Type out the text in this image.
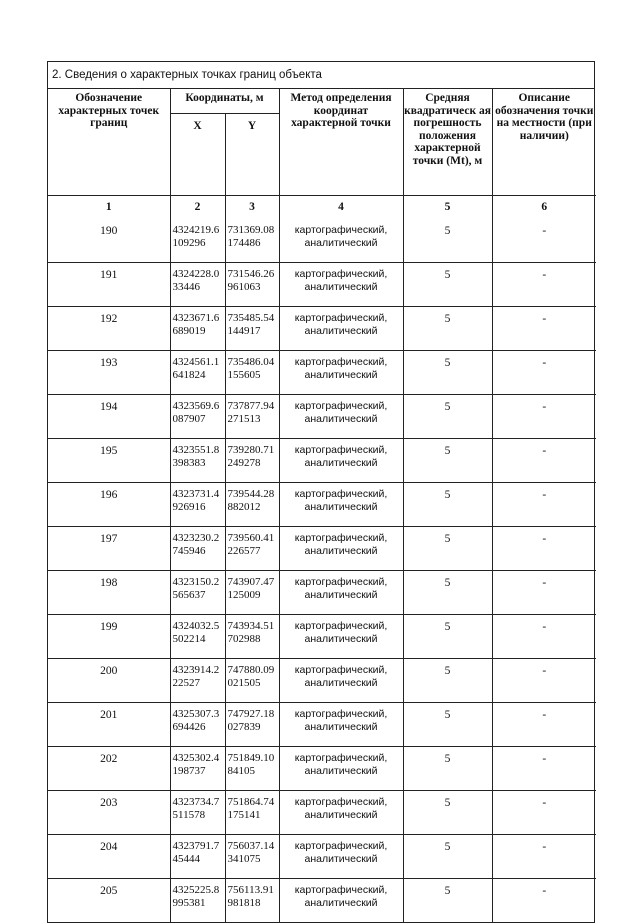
2. Сведения о характерных точках границ объекта
Обозначение характерных точек границ	Координаты, м		Метод определения координат характерной точки	Средняя квадратическ ая погрешность положения характерной точки (Mt), м	Описание обозначения точки на местности (при наличии)
	X	Y			
1	2	3	4	5	6
190	4324219.6109296	731369.08174486	картографический, аналитический	5	-
191	4324228.033446	731546.26961063	картографический, аналитический	5	-
192	4323671.6689019	735485.54144917	картографический, аналитический	5	-
193	4324561.1641824	735486.04155605	картографический, аналитический	5	-
194	4323569.6087907	737877.94271513	картографический, аналитический	5	-
195	4323551.8398383	739280.71249278	картографический, аналитический	5	-
196	4323731.4926916	739544.28882012	картографический, аналитический	5	-
197	4323230.2745946	739560.41226577	картографический, аналитический	5	-
198	4323150.2565637	743907.47125009	картографический, аналитический	5	-
199	4324032.5502214	743934.51702988	картографический, аналитический	5	-
200	4323914.222527	747880.09021505	картографический, аналитический	5	-
201	4325307.3694426	747927.18027839	картографический, аналитический	5	-
202	4325302.4198737	751849.1084105	картографический, аналитический	5	-
203	4323734.7511578	751864.74175141	картографический, аналитический	5	-
204	4323791.745444	756037.14341075	картографический, аналитический	5	-
205	4325225.8995381	756113.91981818	картографический, аналитический	5	-
